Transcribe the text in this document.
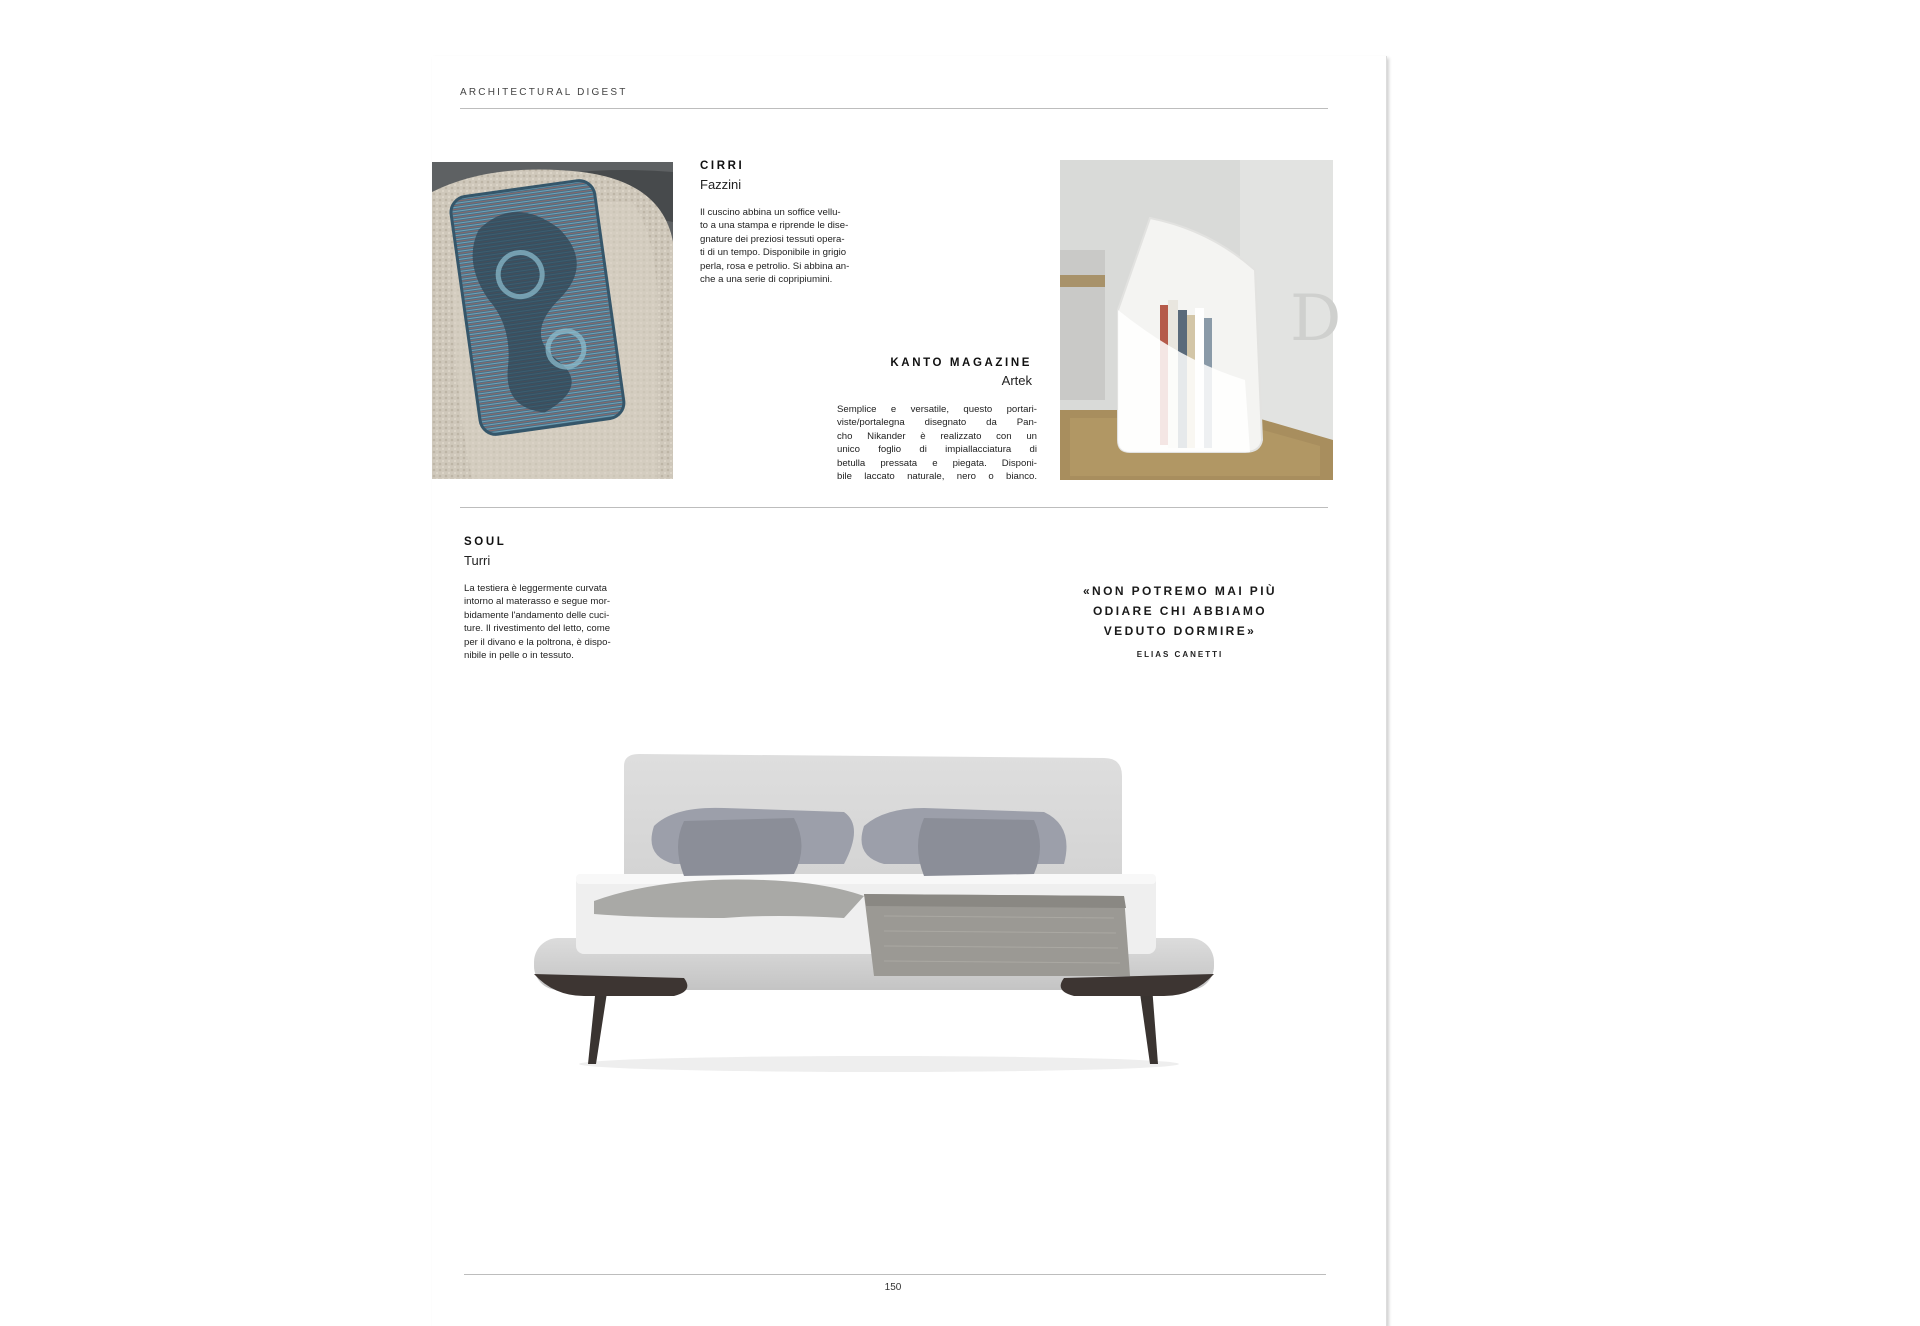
ARCHITECTURAL DIGEST
CIRRI
Fazzini
Il cuscino abbina un soffice vellu-
to a una stampa e riprende le dise-
gnature dei preziosi tessuti opera-
ti di un tempo. Disponibile in grigio
perla, rosa e petrolio. Si abbina an-
che a una serie di copripiumini.
D
KANTO MAGAZINE
Artek
Semplice e versatile, questo portari-
viste/portalegna disegnato da Pan-
cho Nikander è realizzato con un
unico foglio di impiallacciatura di
betulla pressata e piegata. Disponi-
bile laccato naturale, nero o bianco.
SOUL
Turri
La testiera è leggermente curvata
intorno al materasso e segue mor-
bidamente l'andamento delle cuci-
ture. Il rivestimento del letto, come
per il divano e la poltrona, è dispo-
nibile in pelle o in tessuto.
«NON POTREMO MAI PIÙ
ODIARE CHI ABBIAMO
VEDUTO DORMIRE»
ELIAS CANETTI
150
